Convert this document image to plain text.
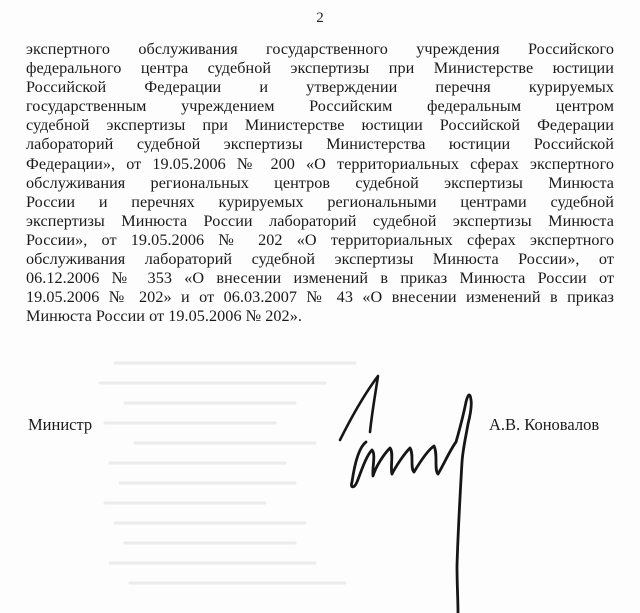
2
экспертного обслуживания государственного учреждения Российского
федерального центра судебной экспертизы при Министерстве юстиции
Российской Федерации и утверждении перечня курируемых
государственным учреждением Российским федеральным центром
судебной экспертизы при Министерстве юстиции Российской Федерации
лабораторий судебной экспертизы Министерства юстиции Российской
Федерации», от 19.05.2006 № 200 «О территориальных сферах экспертного
обслуживания региональных центров судебной экспертизы Минюста
России и перечнях курируемых региональными центрами судебной
экспертизы Минюста России лабораторий судебной экспертизы Минюста
России», от 19.05.2006 № 202 «О территориальных сферах экспертного
обслуживания лабораторий судебной экспертизы Минюста России», от
06.12.2006 № 353 «О внесении изменений в приказ Минюста России от
19.05.2006 № 202» и от 06.03.2007 № 43 «О внесении изменений в приказ
Минюста России от 19.05.2006 № 202».
Министр	А.В. Коновалов
